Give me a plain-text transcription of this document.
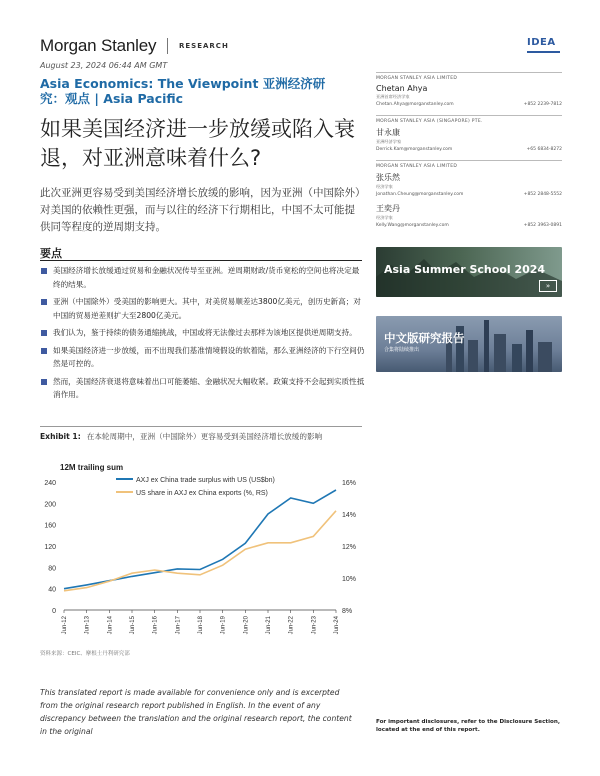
Morgan Stanley	RESEARCH
August 23, 2024 06:44 AM GMT
Asia Economics: The Viewpoint 亚洲经济研究：观点 | Asia Pacific
如果美国经济进一步放缓或陷入衰退，对亚洲意味着什么?
此次亚洲更容易受到美国经济增长放缓的影响，因为亚洲（中国除外）对美国的依赖性更强，而与以往的经济下行期相比，中国不太可能提供同等程度的逆周期支持。
要点
美国经济增长放缓通过贸易和金融状况传导至亚洲。逆周期财政/货币宽松的空间也将决定最终的结果。
亚洲（中国除外）受美国的影响更大。其中，对美贸易顺差达3800亿美元，创历史新高；对中国的贸易逆差则扩大至2800亿美元。
我们认为，鉴于持续的债务通缩挑战，中国或将无法像过去那样为该地区提供逆周期支持。
如果美国经济进一步放缓，而不出现我们基准情境假设的软着陆，那么亚洲经济的下行空间仍然是可控的。
然而，美国经济衰退将意味着出口可能萎缩、金融状况大幅收紧。政策支持不会起到实质性抵消作用。
Exhibit 1: 在本轮周期中，亚洲（中国除外）更容易受到美国经济增长放缓的影响
12M trailing sum
0
40
80
120
160
200
240
8%
10%
12%
14%
16%
Jun-12	Jun-13	Jun-14	Jun-15	Jun-16	Jun-17	Jun-18	Jun-19	Jun-20	Jun-21	Jun-22	Jun-23	Jun-24
AXJ ex China trade surplus with US (US$bn)
US share in AXJ ex China exports (%, RS)
资料来源：CEIC、摩根士丹利研究部
This translated report is made available for convenience only and is excerpted from the original research report published in English. In the event of any discrepancy between the translation and the original research report, the content in the original
IDEA
MORGAN STANLEY ASIA LIMITED
Chetan Ahya
亚洲首席经济学家
Chetan.Ahya@morganstanley.com	+852 2239-7812
MORGAN STANLEY ASIA (SINGAPORE) PTE.
甘永康
亚洲经济学家
Derrick.Kam@morganstanley.com	+65 6834-8272
MORGAN STANLEY ASIA LIMITED
张乐然
经济学家
Jonathan.Cheung@morganstanley.com	+852 2848-5552
王奕丹
经济学家
Kelly.Wang@morganstanley.com	+852 3963-0891
Asia Summer School 2024
»
中文版研究报告
合集将陆续推出
For important disclosures, refer to the Disclosure Section, located at the end of this report.
